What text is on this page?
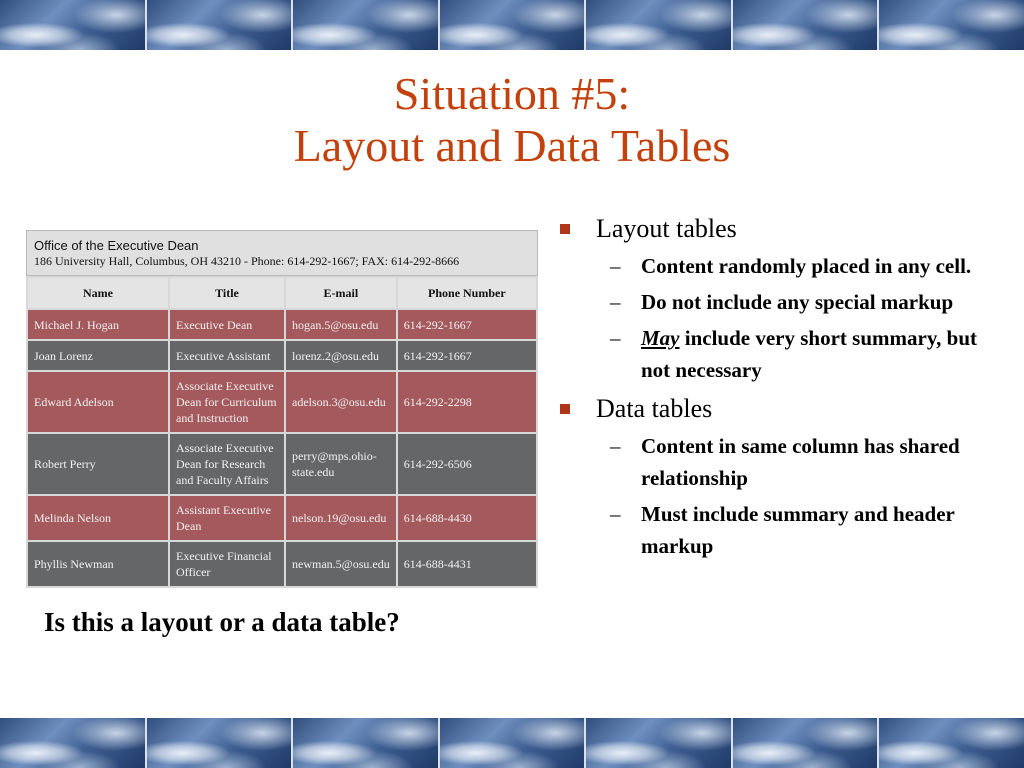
Situation #5:
Layout and Data Tables
Office of the Executive Dean
186 University Hall, Columbus, OH 43210 - Phone: 614-292-1667; FAX: 614-292-8666
Name	Title	E-mail	Phone Number
Michael J. Hogan	Executive Dean	hogan.5@osu.edu	614-292-1667
Joan Lorenz	Executive Assistant	lorenz.2@osu.edu	614-292-1667
Edward Adelson	Associate Executive Dean for Curriculum and Instruction	adelson.3@osu.edu	614-292-2298
Robert Perry	Associate Executive Dean for Research and Faculty Affairs	perry@mps.ohio-state.edu	614-292-6506
Melinda Nelson	Assistant Executive Dean	nelson.19@osu.edu	614-688-4430
Phyllis Newman	Executive Financial Officer	newman.5@osu.edu	614-688-4431
Is this a layout or a data table?
Layout tables
– Content randomly placed in any cell.
– Do not include any special markup
– May include very short summary, but not necessary
Data tables
– Content in same column has shared relationship
– Must include summary and header markup
